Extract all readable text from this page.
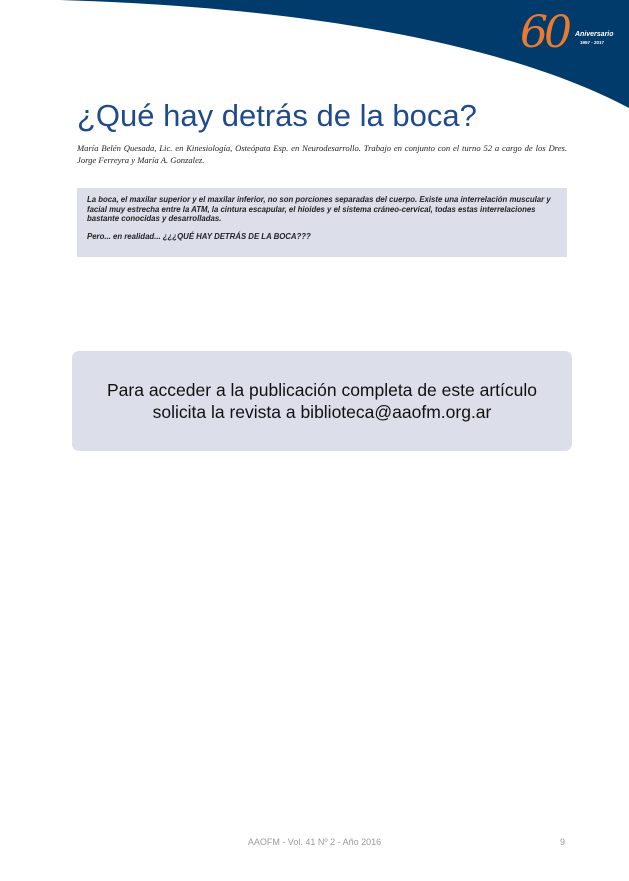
60 Aniversario
1957 - 2017
¿Qué hay detrás de la boca?

María Belén Quesada, Lic. en Kinesiología, Osteópata Esp. en Neurodesarrollo. Trabajo en conjunto con el turno 52 a cargo de los Dres. Jorge Ferreyra y María A. Gonzalez.

La boca, el maxilar superior y el maxilar inferior, no son porciones separadas del cuerpo. Existe una interrelación muscular y facial muy estrecha entre la ATM, la cintura escapular, el hioides y el sistema cráneo-cervical, todas estas interrelaciones bastante conocidas y desarrolladas.

Pero... en realidad... ¿¿¿QUÉ HAY DETRÁS DE LA BOCA???

Para acceder a la publicación completa de este artículo

solicita la revista a biblioteca@aaofm.org.ar

AAOFM - Vol. 41 Nº 2 - Año 2016	9
